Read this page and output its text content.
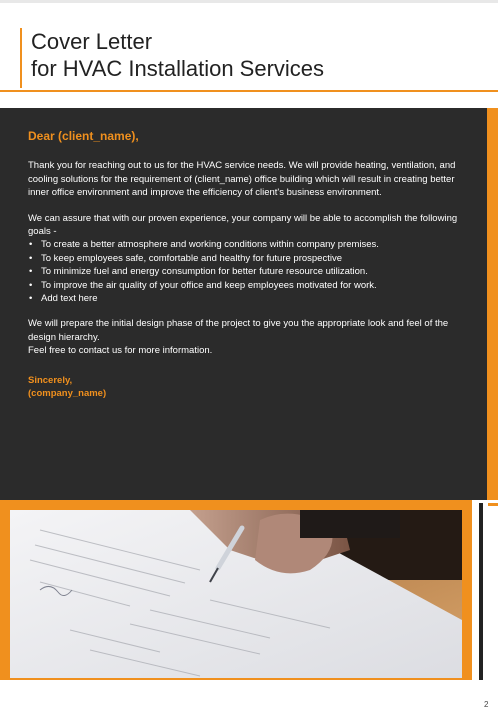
Cover Letter
for HVAC Installation Services

Dear (client_name),

Thank you for reaching out to us for the HVAC service needs. We will provide heating, ventilation, and cooling solutions for the requirement of (client_name) office building which will result in creating better inner office environment and improve the efficiency of client's business environment.

We can assure that with our proven experience, your company will be able to accomplish the following goals -

• To create a better atmosphere and working conditions within company premises.
• To keep employees safe, comfortable and healthy for future prospective
• To minimize fuel and energy consumption for better future resource utilization.
• To improve the air quality of your office and keep employees motivated for work.
• Add text here

We will prepare the initial design phase of the project to give you the appropriate look and feel of the design hierarchy.

Feel free to contact us for more information.

Sincerely,
(company_name)

2
